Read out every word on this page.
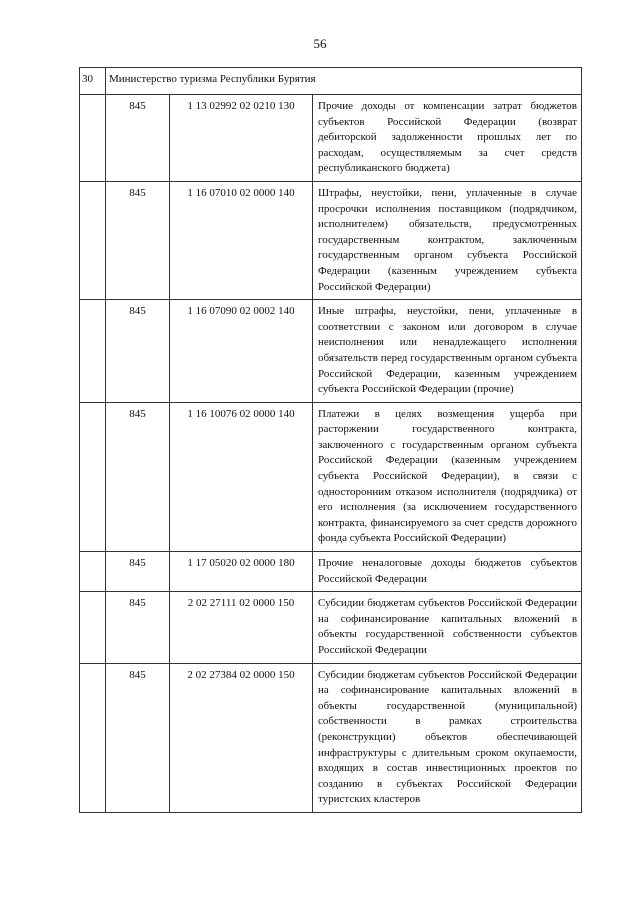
56
30	Министерство туризма Республики Бурятия		
	845	1 13 02992 02 0210 130	Прочие доходы от компенсации затрат бюджетов субъектов Российской Федерации (возврат дебиторской задолженности прошлых лет по расходам, осуществляемым за счет средств республиканского бюджета)
	845	1 16 07010 02 0000 140	Штрафы, неустойки, пени, уплаченные в случае просрочки исполнения поставщиком (подрядчиком, исполнителем) обязательств, предусмотренных государственным контрактом, заключенным государственным органом субъекта Российской Федерации (казенным учреждением субъекта Российской Федерации)
	845	1 16 07090 02 0002 140	Иные штрафы, неустойки, пени, уплаченные в соответствии с законом или договором в случае неисполнения или ненадлежащего исполнения обязательств перед государственным органом субъекта Российской Федерации, казенным учреждением субъекта Российской Федерации (прочие)
	845	1 16 10076 02 0000 140	Платежи в целях возмещения ущерба при расторжении государственного контракта, заключенного с государственным органом субъекта Российской Федерации (казенным учреждением субъекта Российской Федерации), в связи с односторонним отказом исполнителя (подрядчика) от его исполнения (за исключением государственного контракта, финансируемого за счет средств дорожного фонда субъекта Российской Федерации)
	845	1 17 05020 02 0000 180	Прочие неналоговые доходы бюджетов субъектов Российской Федерации
	845	2 02 27111 02 0000 150	Субсидии бюджетам субъектов Российской Федерации на софинансирование капитальных вложений в объекты государственной собственности субъектов Российской Федерации
	845	2 02 27384 02 0000 150	Субсидии бюджетам субъектов Российской Федерации на софинансирование капитальных вложений в объекты государственной (муниципальной) собственности в рамках строительства (реконструкции) объектов обеспечивающей инфраструктуры с длительным сроком окупаемости, входящих в состав инвестиционных проектов по созданию в субъектах Российской Федерации туристских кластеров
